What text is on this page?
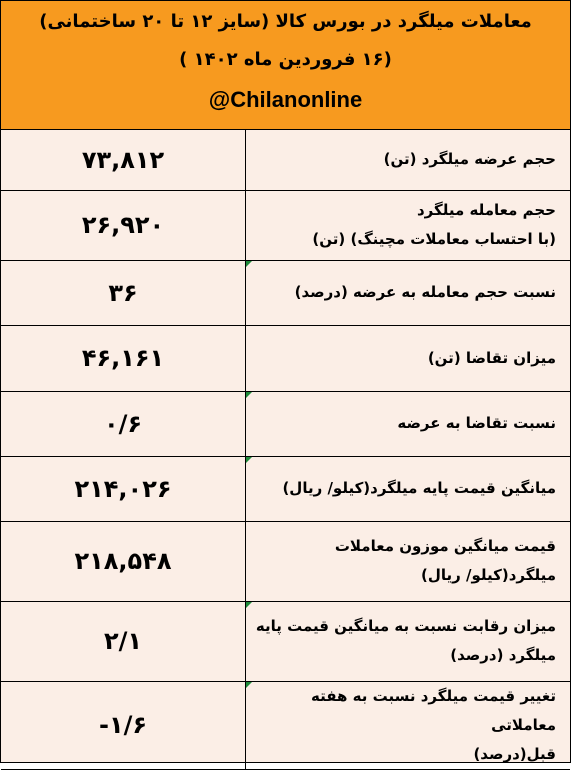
معاملات میلگرد در بورس کالا (سایز ۱۲ تا ۲۰ ساختمانی)
(۱۶ فروردین ماه ۱۴۰۲ )
@Chilanonline
۷۳,۸۱۲	حجم عرضه میلگرد (تن)
۲۶,۹۲۰	حجم معامله میلگرد
(با احتساب معاملات مچینگ) (تن)
۳۶	نسبت حجم معامله به عرضه (درصد)

۴۶,۱۶۱	میزان تقاضا (تن)
۰/۶	نسبت تقاضا به عرضه

۲۱۴,۰۲۶	میانگین قیمت پایه میلگرد(کیلو/ ریال)

۲۱۸,۵۴۸	قیمت میانگین موزون معاملات
میلگرد(کیلو/ ریال)
۲/۱	میزان رقابت نسبت به میانگین قیمت پایه
میلگرد (درصد)

-۱/۶	تغییر قیمت میلگرد نسبت به هفته معاملاتی
قبل(درصد)
